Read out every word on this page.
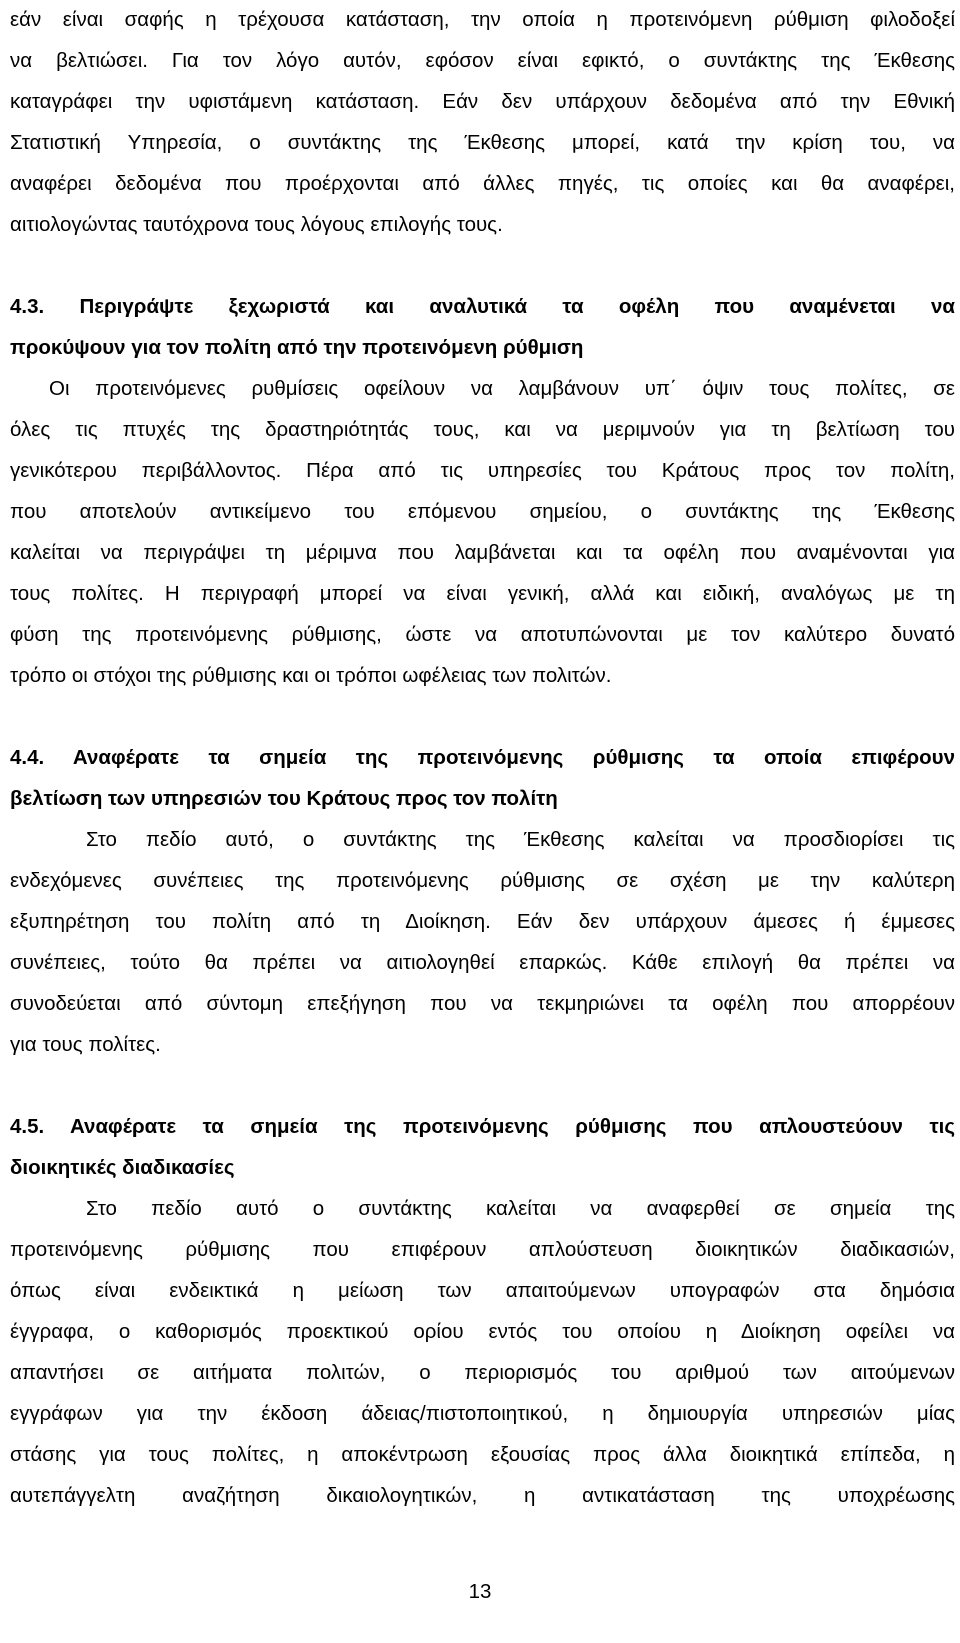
εάν είναι σαφής η τρέχουσα κατάσταση, την οποία η προτεινόμενη ρύθμιση φιλοδοξεί
να βελτιώσει. Για τον λόγο αυτόν, εφόσον είναι εφικτό, ο συντάκτης της Έκθεσης
καταγράφει την υφιστάμενη κατάσταση. Εάν δεν υπάρχουν δεδομένα από την Εθνική
Στατιστική Υπηρεσία, ο συντάκτης της Έκθεσης μπορεί, κατά την κρίση του, να
αναφέρει δεδομένα που προέρχονται από άλλες πηγές, τις οποίες και θα αναφέρει,
αιτιολογώντας ταυτόχρονα τους λόγους επιλογής τους.
4.3. Περιγράψτε ξεχωριστά και αναλυτικά τα οφέλη που αναμένεται να
προκύψουν για τον πολίτη από την προτεινόμενη ρύθμιση
Οι προτεινόμενες ρυθμίσεις οφείλουν να λαμβάνουν υπ΄ όψιν τους πολίτες, σε
όλες τις πτυχές της δραστηριότητάς τους, και να μεριμνούν για τη βελτίωση του
γενικότερου περιβάλλοντος. Πέρα από τις υπηρεσίες του Κράτους προς τον πολίτη,
που αποτελούν αντικείμενο του επόμενου σημείου, ο συντάκτης της Έκθεσης
καλείται να περιγράψει τη μέριμνα που λαμβάνεται και τα οφέλη που αναμένονται για
τους πολίτες. Η περιγραφή μπορεί να είναι γενική, αλλά και ειδική, αναλόγως με τη
φύση της προτεινόμενης ρύθμισης, ώστε να αποτυπώνονται με τον καλύτερο δυνατό
τρόπο οι στόχοι της ρύθμισης και οι τρόποι ωφέλειας των πολιτών.
4.4. Αναφέρατε τα σημεία της προτεινόμενης ρύθμισης τα οποία επιφέρουν
βελτίωση των υπηρεσιών του Κράτους προς τον πολίτη
Στο πεδίο αυτό, ο συντάκτης της Έκθεσης καλείται να προσδιορίσει τις
ενδεχόμενες συνέπειες της προτεινόμενης ρύθμισης σε σχέση με την καλύτερη
εξυπηρέτηση του πολίτη από τη Διοίκηση. Εάν δεν υπάρχουν άμεσες ή έμμεσες
συνέπειες, τούτο θα πρέπει να αιτιολογηθεί επαρκώς. Κάθε επιλογή θα πρέπει να
συνοδεύεται από σύντομη επεξήγηση που να τεκμηριώνει τα οφέλη που απορρέουν
για τους πολίτες.
4.5. Αναφέρατε τα σημεία της προτεινόμενης ρύθμισης που απλουστεύουν τις
διοικητικές διαδικασίες
Στο πεδίο αυτό ο συντάκτης καλείται να αναφερθεί σε σημεία της
προτεινόμενης ρύθμισης που επιφέρουν απλούστευση διοικητικών διαδικασιών,
όπως είναι ενδεικτικά η μείωση των απαιτούμενων υπογραφών στα δημόσια
έγγραφα, ο καθορισμός προεκτικού ορίου εντός του οποίου η Διοίκηση οφείλει να
απαντήσει σε αιτήματα πολιτών, ο περιορισμός του αριθμού των αιτούμενων
εγγράφων για την έκδοση άδειας/πιστοποιητικού, η δημιουργία υπηρεσιών μίας
στάσης για τους πολίτες, η αποκέντρωση εξουσίας προς άλλα διοικητικά επίπεδα, η
αυτεπάγγελτη αναζήτηση δικαιολογητικών, η αντικατάσταση της υποχρέωσης
13
